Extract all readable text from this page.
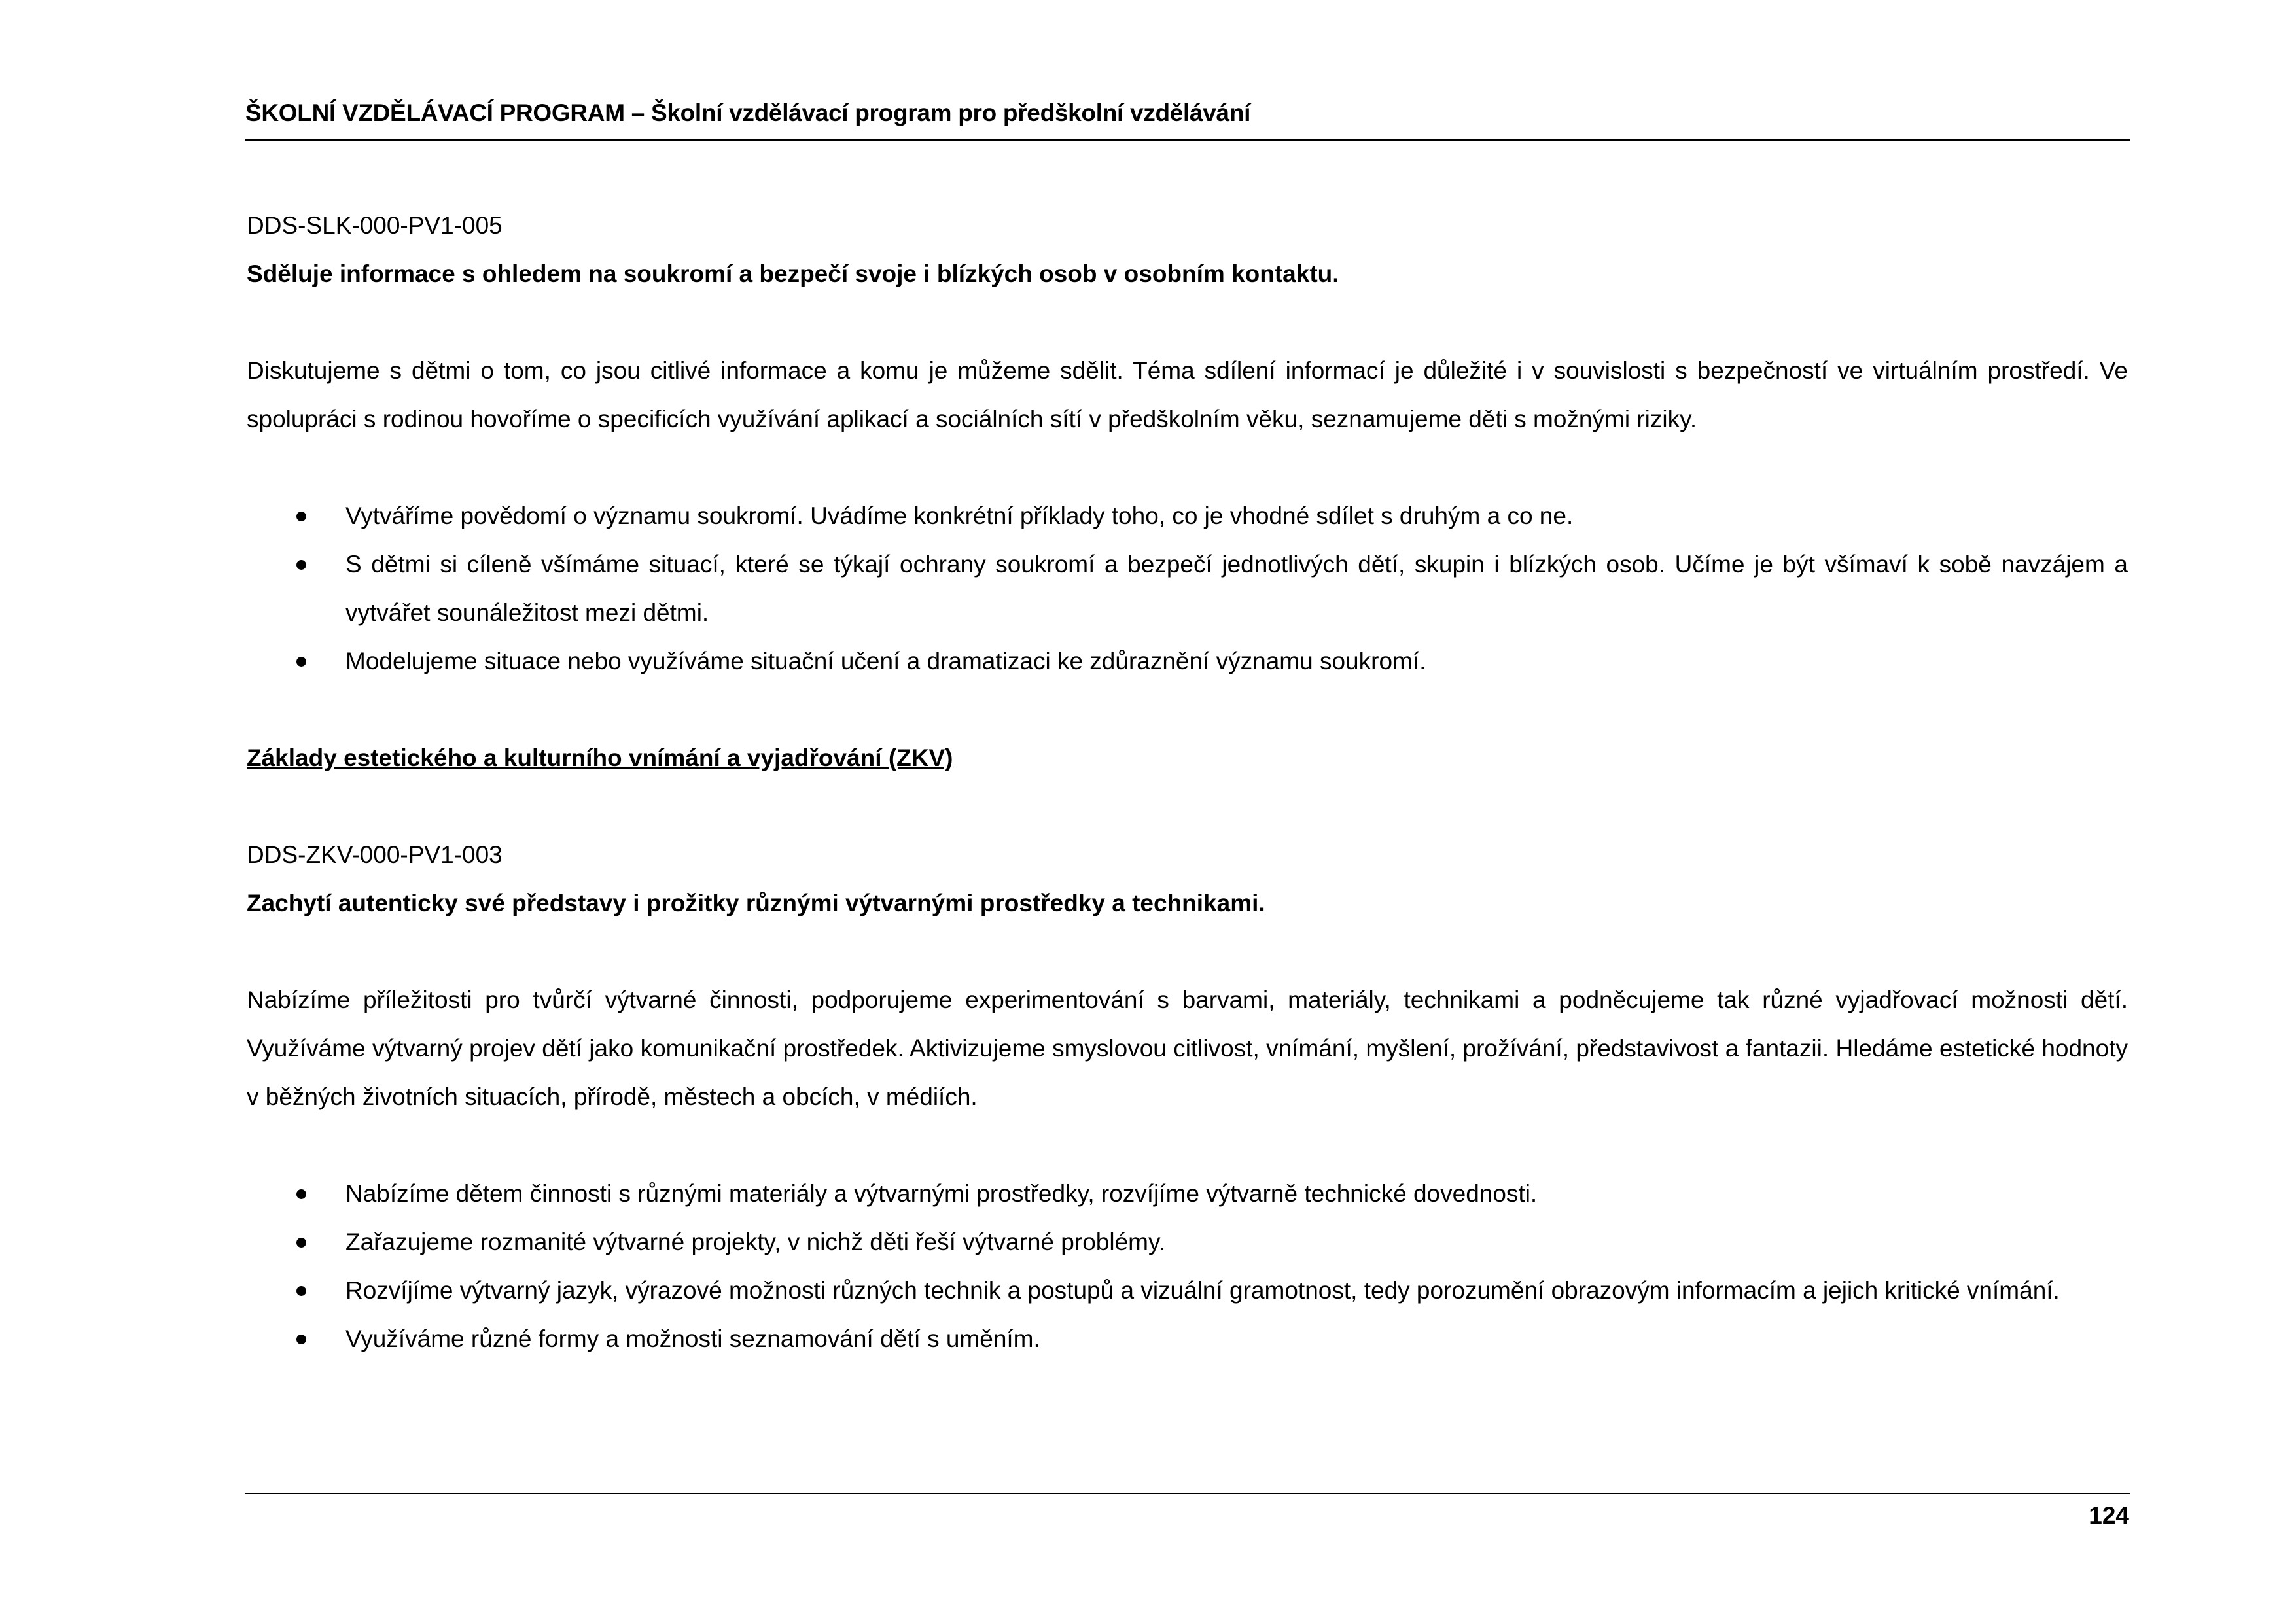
ŠKOLNÍ VZDĚLÁVACÍ PROGRAM – Školní vzdělávací program pro předškolní vzdělávání

DDS-SLK-000-PV1-005

Sděluje informace s ohledem na soukromí a bezpečí svoje i blízkých osob v osobním kontaktu.

Diskutujeme s dětmi o tom, co jsou citlivé informace a komu je můžeme sdělit. Téma sdílení informací je důležité i v souvislosti s bezpečností ve virtuálním prostředí. Ve spolupráci s rodinou hovoříme o specificích využívání aplikací a sociálních sítí v předškolním věku, seznamujeme děti s možnými riziky.

Vytváříme povědomí o významu soukromí. Uvádíme konkrétní příklady toho, co je vhodné sdílet s druhým a co ne.
S dětmi si cíleně všímáme situací, které se týkají ochrany soukromí a bezpečí jednotlivých dětí, skupin i blízkých osob. Učíme je být všímaví k sobě navzájem a vytvářet sounáležitost mezi dětmi.
Modelujeme situace nebo využíváme situační učení a dramatizaci ke zdůraznění významu soukromí.

Základy estetického a kulturního vnímání a vyjadřování (ZKV)

DDS-ZKV-000-PV1-003

Zachytí autenticky své představy i prožitky různými výtvarnými prostředky a technikami.

Nabízíme příležitosti pro tvůrčí výtvarné činnosti, podporujeme experimentování s barvami, materiály, technikami a podněcujeme tak různé vyjadřovací možnosti dětí. Využíváme výtvarný projev dětí jako komunikační prostředek. Aktivizujeme smyslovou citlivost, vnímání, myšlení, prožívání, představivost a fantazii. Hledáme estetické hodnoty v běžných životních situacích, přírodě, městech a obcích, v médiích.

Nabízíme dětem činnosti s různými materiály a výtvarnými prostředky, rozvíjíme výtvarně technické dovednosti.
Zařazujeme rozmanité výtvarné projekty, v nichž děti řeší výtvarné problémy.
Rozvíjíme výtvarný jazyk, výrazové možnosti různých technik a postupů a vizuální gramotnost, tedy porozumění obrazovým informacím a jejich kritické vnímání.
Využíváme různé formy a možnosti seznamování dětí s uměním.
124
